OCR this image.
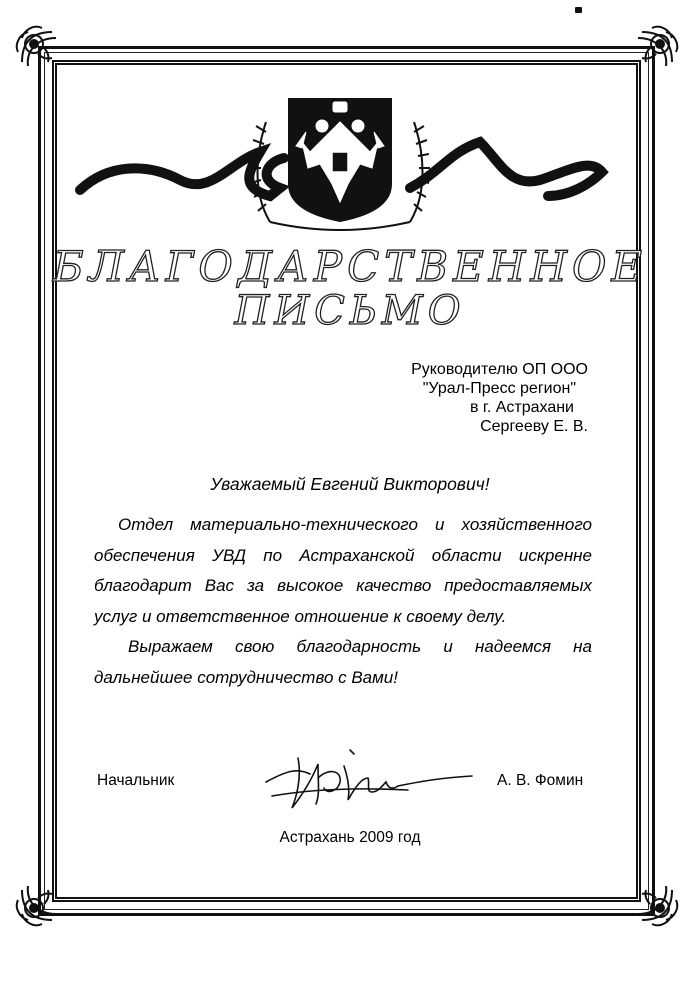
БЛАГОДАРСТВЕННОЕ
ПИСЬМО
Руководителю ОП ООО
"Урал-Пресс регион"
в г. Астрахани
Сергееву Е. В.
Уважаемый Евгений Викторович!
Отдел материально-технического и хозяйственного обеспечения УВД по Астраханской области искренне благодарит Вас за высокое качество предоставляемых услуг и ответственное отношение к своему делу.
Выражаем свою благодарность и надеемся на дальнейшее сотрудничество с Вами!
Начальник	А. В. Фомин
Астрахань 2009 год
